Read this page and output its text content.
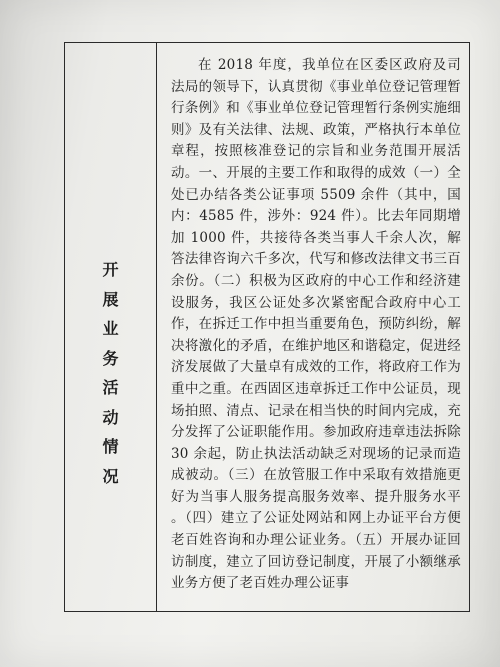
开
展
业
务
活
动
情
况

在 2018 年度，我单位在区委区政府及司法局的领导下，认真贯彻《事业单位登记管理暂行条例》和《事业单位登记管理暂行条例实施细则》及有关法律、法规、政策，严格执行本单位章程，按照核准登记的宗旨和业务范围开展活动。一、开展的主要工作和取得的成效（一）全处已办结各类公证事项 5509 余件（其中，国内：4585 件，涉外：924 件）。比去年同期增加 1000 件，共接待各类当事人千余人次，解答法律咨询六千多次，代写和修改法律文书三百余份。（二）积极为区政府的中心工作和经济建设服务，我区公证处多次紧密配合政府中心工作，在拆迁工作中担当重要角色，预防纠纷，解决将激化的矛盾，在维护地区和谐稳定，促进经济发展做了大量卓有成效的工作，将政府工作为重中之重。在西固区违章拆迁工作中公证员，现场拍照、清点、记录在相当快的时间内完成，充分发挥了公证职能作用。参加政府违章违法拆除 30 余起，防止执法活动缺乏对现场的记录而造成被动。（三）在放管服工作中采取有效措施更好为当事人服务提高服务效率、提升服务水平 。（四）建立了公证处网站和网上办证平台方便老百姓咨询和办理公证业务。（五）开展办证回访制度，建立了回访登记制度，开展了小额继承业务方便了老百姓办理公证事
